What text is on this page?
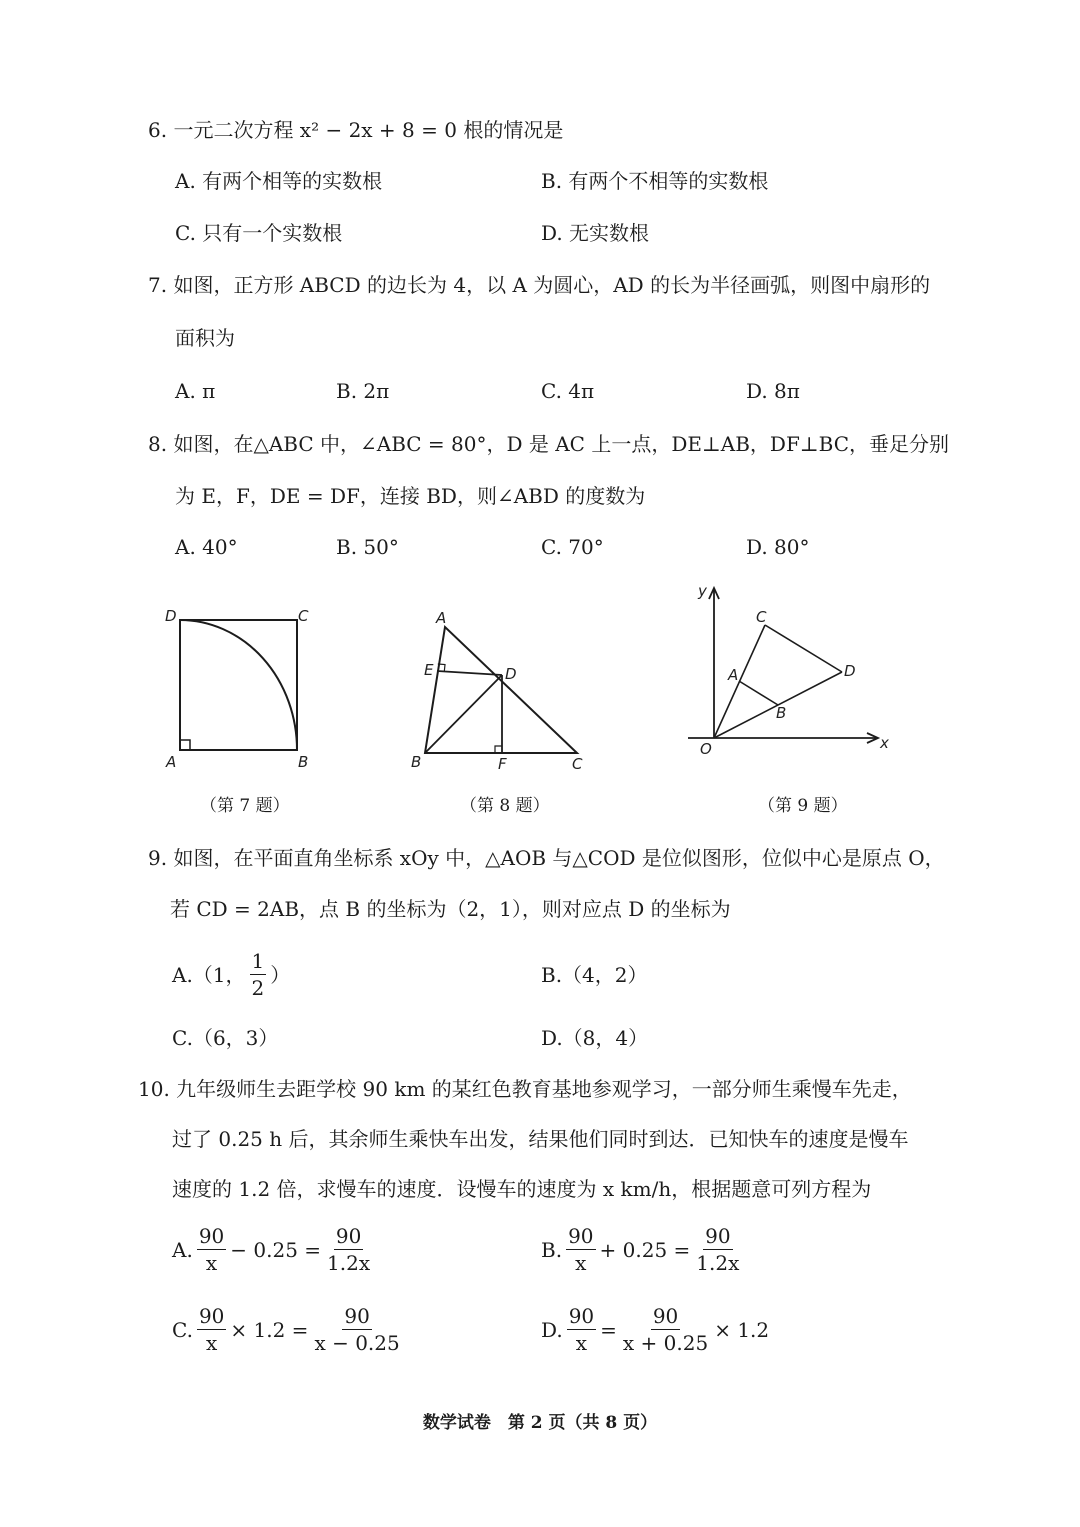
6. 一元二次方程 x² − 2x + 8 = 0 根的情况是
A. 有两个相等的实数根	B. 有两个不相等的实数根
C. 只有一个实数根	D. 无实数根
7. 如图，正方形 ABCD 的边长为 4，以 A 为圆心，AD 的长为半径画弧，则图中扇形的
面积为
A. π	B. 2π	C. 4π	D. 8π
8. 如图，在△ABC 中，∠ABC = 80°，D 是 AC 上一点，DE⊥AB，DF⊥BC，垂足分别
为 E，F，DE = DF，连接 BD，则∠ABD 的度数为
A. 40°	B. 50°	C. 70°	D. 80°
D	C
A	B
（第 7 题）
A
E	D
B	F	C
（第 8 题）
y
x
O
A
B
C
D
（第 9 题）
9. 如图，在平面直角坐标系 xOy 中，△AOB 与△COD 是位似图形，位似中心是原点 O，
若 CD = 2AB，点 B 的坐标为（2，1），则对应点 D 的坐标为
A.（1， $\frac{1}{2}$ ）	B.（4，2）
C.（6，3）	D.（8，4）
10. 九年级师生去距学校 90 km 的某红色教育基地参观学习，一部分师生乘慢车先走，
过了 0.25 h 后，其余师生乘快车出发，结果他们同时到达．已知快车的速度是慢车
速度的 1.2 倍，求慢车的速度．设慢车的速度为 x km/h，根据题意可列方程为
A. $\frac{90}{x} - 0.25 = \frac{90}{1.2x}$	B. $\frac{90}{x} + 0.25 = \frac{90}{1.2x}$
C. $\frac{90}{x} \times 1.2 = \frac{90}{x - 0.25}$	D. $\frac{90}{x} = \frac{90}{x + 0.25} \times 1.2$
数学试卷　第 2 页（共 8 页）
